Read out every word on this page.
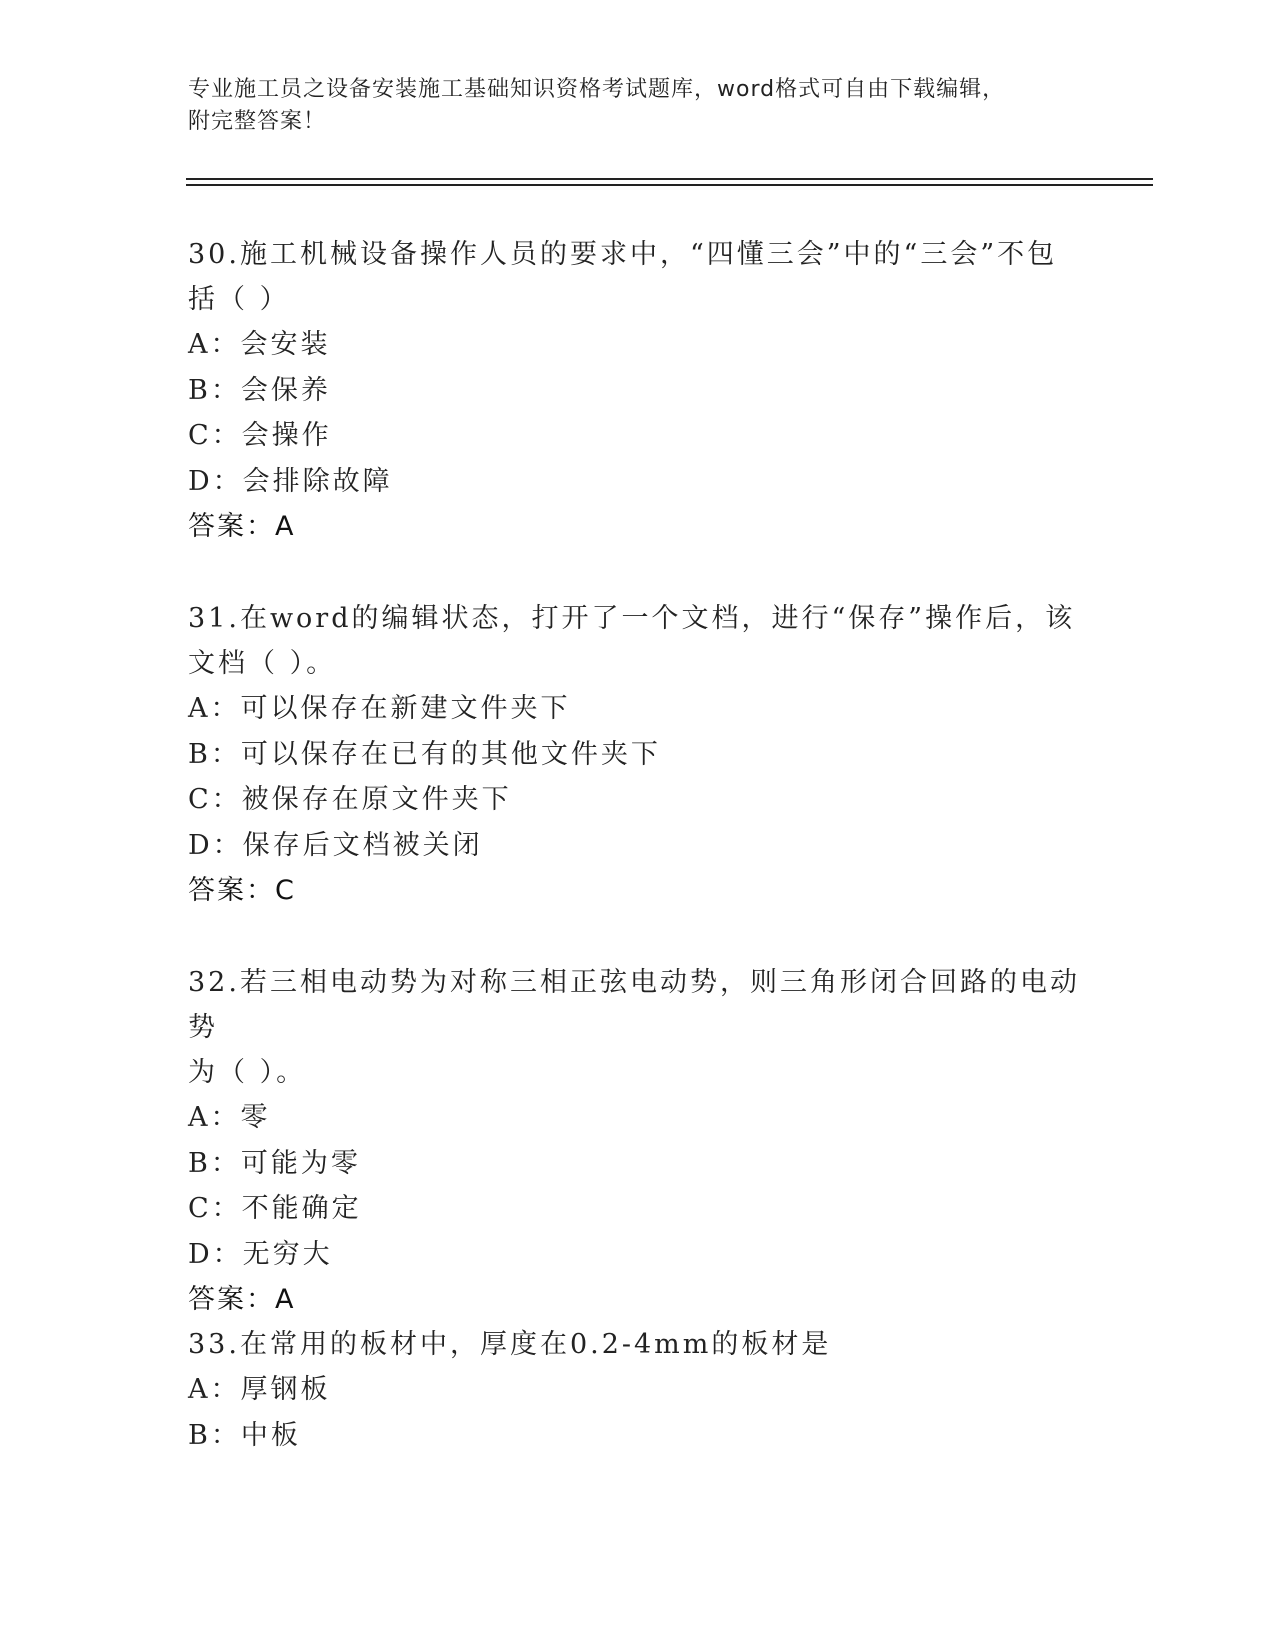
专业施工员之设备安装施工基础知识资格考试题库，word格式可自由下载编辑，
附完整答案！
30.施工机械设备操作人员的要求中，“四懂三会”中的“三会”不包
括（ ）
A：会安装
B：会保养
C：会操作
D：会排除故障
答案：A
31.在word的编辑状态，打开了一个文档，进行“保存”操作后，该
文档（ ）。
A：可以保存在新建文件夹下
B：可以保存在已有的其他文件夹下
C：被保存在原文件夹下
D：保存后文档被关闭
答案：C
32.若三相电动势为对称三相正弦电动势，则三角形闭合回路的电动势
为（ ）。
A：零
B：可能为零
C：不能确定
D：无穷大
答案：A
33.在常用的板材中，厚度在0.2-4mm的板材是
A：厚钢板
B：中板
